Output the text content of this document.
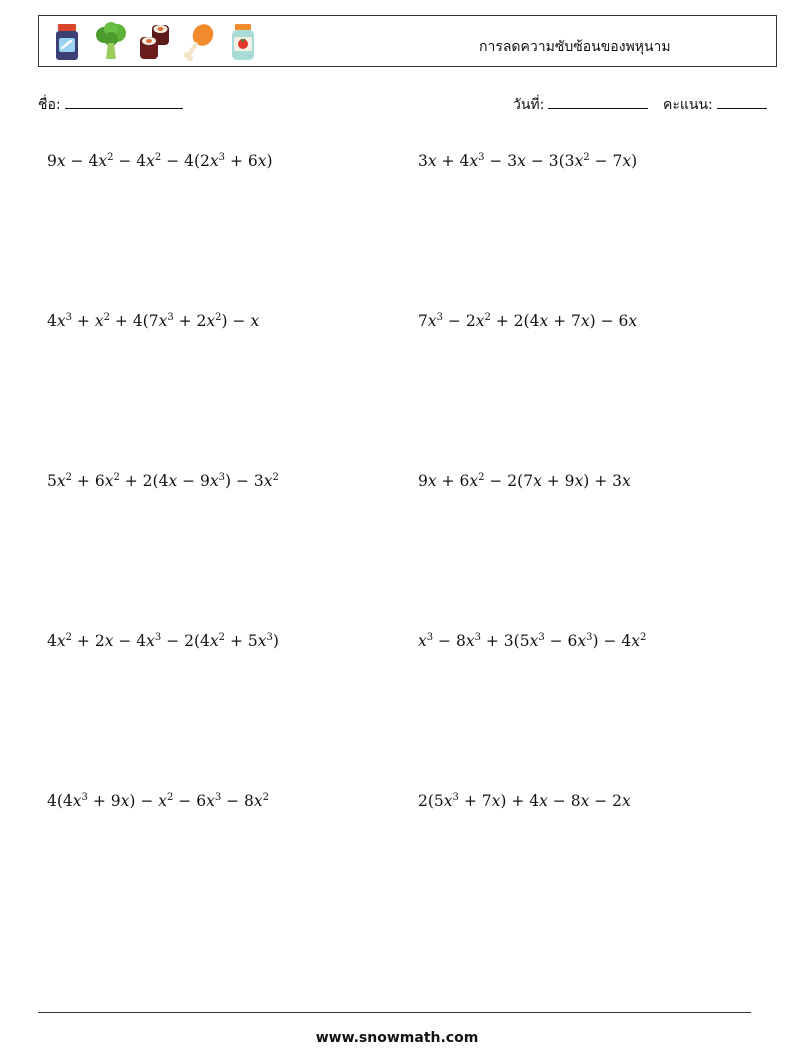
การลดความซับซ้อนของพหุนาม
ชื่อ:	วันที่:	คะแนน:
$9x - 4x^2 - 4x^2 - 4(2x^3 + 6x)$	$3x + 4x^3 - 3x - 3(3x^2 - 7x)$
$4x^3 + x^2 + 4(7x^3 + 2x^2) - x$	$7x^3 - 2x^2 + 2(4x + 7x) - 6x$
$5x^2 + 6x^2 + 2(4x - 9x^3) - 3x^2$	$9x + 6x^2 - 2(7x + 9x) + 3x$
$4x^2 + 2x - 4x^3 - 2(4x^2 + 5x^3)$	$x^3 - 8x^3 + 3(5x^3 - 6x^3) - 4x^2$
$4(4x^3 + 9x) - x^2 - 6x^3 - 8x^2$	$2(5x^3 + 7x) + 4x - 8x - 2x$
www.snowmath.com
